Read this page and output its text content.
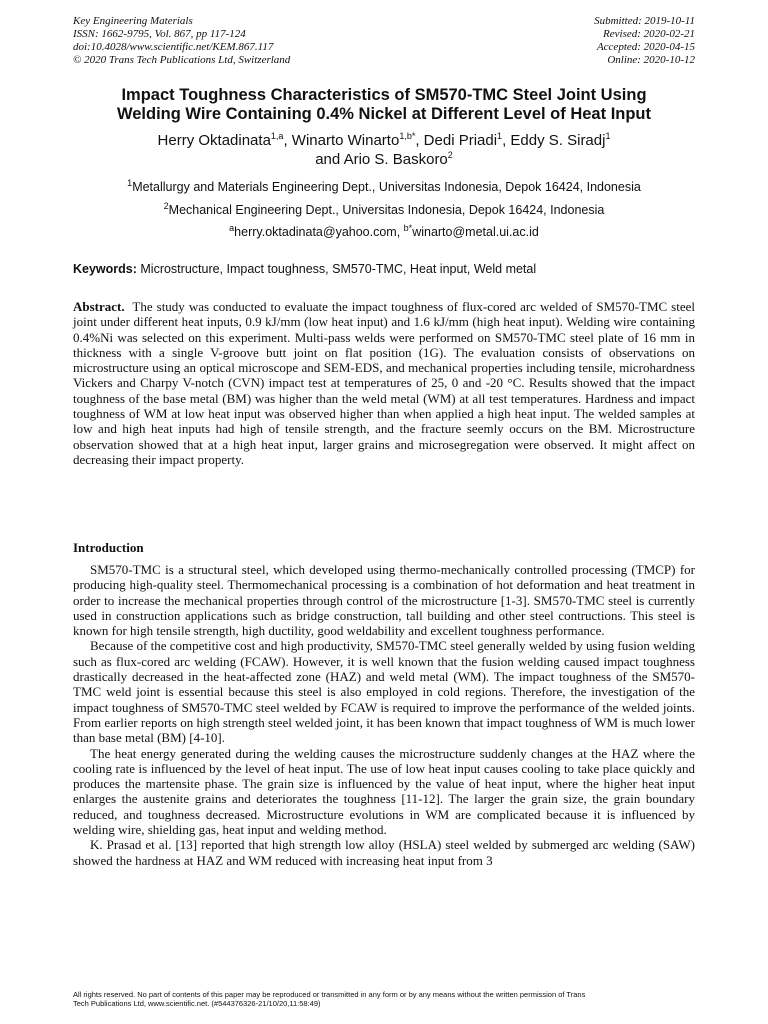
Key Engineering Materials
ISSN: 1662-9795, Vol. 867, pp 117-124
doi:10.4028/www.scientific.net/KEM.867.117
© 2020 Trans Tech Publications Ltd, Switzerland
Submitted: 2019-10-11
Revised: 2020-02-21
Accepted: 2020-04-15
Online: 2020-10-12
Impact Toughness Characteristics of SM570-TMC Steel Joint Using
Welding Wire Containing 0.4% Nickel at Different Level of Heat Input
Herry Oktadinata$^{1,a}$, Winarto Winarto$^{1,b*}$, Dedi Priadi$^1$, Eddy S. Siradj$^1$
and Ario S. Baskoro$^2$
$^1$Metallurgy and Materials Engineering Dept., Universitas Indonesia, Depok 16424, Indonesia
$^2$Mechanical Engineering Dept., Universitas Indonesia, Depok 16424, Indonesia
$^a$herry.oktadinata@yahoo.com, $^{b*}$winarto@metal.ui.ac.id
Keywords: Microstructure, Impact toughness, SM570-TMC, Heat input, Weld metal
Abstract. The study was conducted to evaluate the impact toughness of flux-cored arc welded of SM570-TMC steel joint under different heat inputs, 0.9 kJ/mm (low heat input) and 1.6 kJ/mm (high heat input). Welding wire containing 0.4%Ni was selected on this experiment. Multi-pass welds were performed on SM570-TMC steel plate of 16 mm in thickness with a single V-groove butt joint on flat position (1G). The evaluation consists of observations on microstructure using an optical microscope and SEM-EDS, and mechanical properties including tensile, microhardness Vickers and Charpy V-notch (CVN) impact test at temperatures of 25, 0 and -20 °C. Results showed that the impact toughness of the base metal (BM) was higher than the weld metal (WM) at all test temperatures. Hardness and impact toughness of WM at low heat input was observed higher than when applied a high heat input. The welded samples at low and high heat inputs had high of tensile strength, and the fracture seemly occurs on the BM. Microstructure observation showed that at a high heat input, larger grains and microsegregation were observed. It might affect on decreasing their impact property.
Introduction

SM570-TMC is a structural steel, which developed using thermo-mechanically controlled processing (TMCP) for producing high-quality steel. Thermomechanical processing is a combination of hot deformation and heat treatment in order to increase the mechanical properties through control of the microstructure [1-3]. SM570-TMC steel is currently used in construction applications such as bridge construction, tall building and other steel contructions. This steel is known for high tensile strength, high ductility, good weldability and excellent toughness performance.

Because of the competitive cost and high productivity, SM570-TMC steel generally welded by using fusion welding such as flux-cored arc welding (FCAW). However, it is well known that the fusion welding caused impact toughness drastically decreased in the heat-affected zone (HAZ) and weld metal (WM). The impact toughness of the SM570-TMC weld joint is essential because this steel is also employed in cold regions. Therefore, the investigation of the impact toughness of SM570-TMC steel welded by FCAW is required to improve the performance of the welded joints. From earlier reports on high strength steel welded joint, it has been known that impact toughness of WM is much lower than base metal (BM) [4-10].

The heat energy generated during the welding causes the microstructure suddenly changes at the HAZ where the cooling rate is influenced by the level of heat input. The use of low heat input causes cooling to take place quickly and produces the martensite phase. The grain size is influenced by the value of heat input, where the higher heat input enlarges the austenite grains and deteriorates the toughness [11-12]. The larger the grain size, the grain boundary reduced, and toughness decreased. Microstructure evolutions in WM are complicated because it is influenced by welding wire, shielding gas, heat input and welding method.

K. Prasad et al. [13] reported that high strength low alloy (HSLA) steel welded by submerged arc welding (SAW) showed the hardness at HAZ and WM reduced with increasing heat input from 3

All rights reserved. No part of contents of this paper may be reproduced or transmitted in any form or by any means without the written permission of Trans
Tech Publications Ltd, www.scientific.net. (#544376326-21/10/20,11:58:49)
